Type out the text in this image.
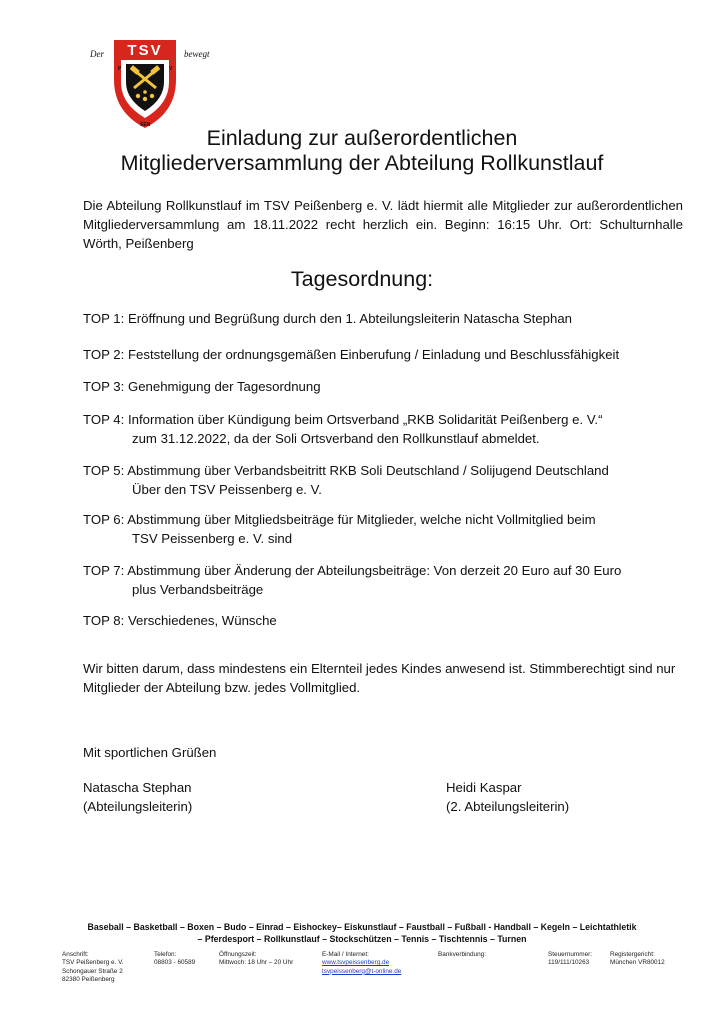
Der	bewegt
TSV
P	V
SEN
Einladung zur außerordentlichen
Mitgliederversammlung der Abteilung Rollkunstlauf
Die Abteilung Rollkunstlauf im TSV Peißenberg e. V. lädt hiermit alle Mitglieder zur außerordentlichen Mitgliederversammlung am 18.11.2022 recht herzlich ein. Beginn: 16:15 Uhr. Ort: Schulturnhalle Wörth, Peißenberg
Tagesordnung:
TOP 1: Eröffnung und Begrüßung durch den 1. Abteilungsleiterin Natascha Stephan
TOP 2: Feststellung der ordnungsgemäßen Einberufung / Einladung und Beschlussfähigkeit
TOP 3: Genehmigung der Tagesordnung
TOP 4: Information über Kündigung beim Ortsverband „RKB Solidarität Peißenberg e. V.“
zum 31.12.2022, da der Soli Ortsverband den Rollkunstlauf abmeldet.
TOP 5: Abstimmung über Verbandsbeitritt RKB Soli Deutschland / Solijugend Deutschland
Über den TSV Peissenberg e. V.
TOP 6: Abstimmung über Mitgliedsbeiträge für Mitglieder, welche nicht Vollmitglied beim
TSV Peissenberg e. V. sind
TOP 7: Abstimmung über Änderung der Abteilungsbeiträge: Von derzeit 20 Euro auf 30 Euro
plus Verbandsbeiträge
TOP 8: Verschiedenes, Wünsche
Wir bitten darum, dass mindestens ein Elternteil jedes Kindes anwesend ist. Stimmberechtigt sind nur Mitglieder der Abteilung bzw. jedes Vollmitglied.
Mit sportlichen Grüßen
Natascha Stephan
(Abteilungsleiterin)
Heidi Kaspar
(2. Abteilungsleiterin)
Baseball – Basketball – Boxen – Budo – Einrad – Eishockey– Eiskunstlauf – Faustball – Fußball - Handball – Kegeln – Leichtathletik
– Pferdesport – Rollkunstlauf – Stockschützen – Tennis – Tischtennis – Turnen
Anschrift:
TSV Peißenberg e. V.
Schongauer Straße 2
82380 Peißenberg
Telefon:
08803 - 60589
Öffnungszeit:
Mittwoch: 18 Uhr – 20 Uhr
E-Mail / Internet:
www.tsvpeissenberg.de
tsvpeissenberg@t-online.de
Bankverbindung:	Steuernummer:
119/111/10263
Registergericht:
München VR80012
